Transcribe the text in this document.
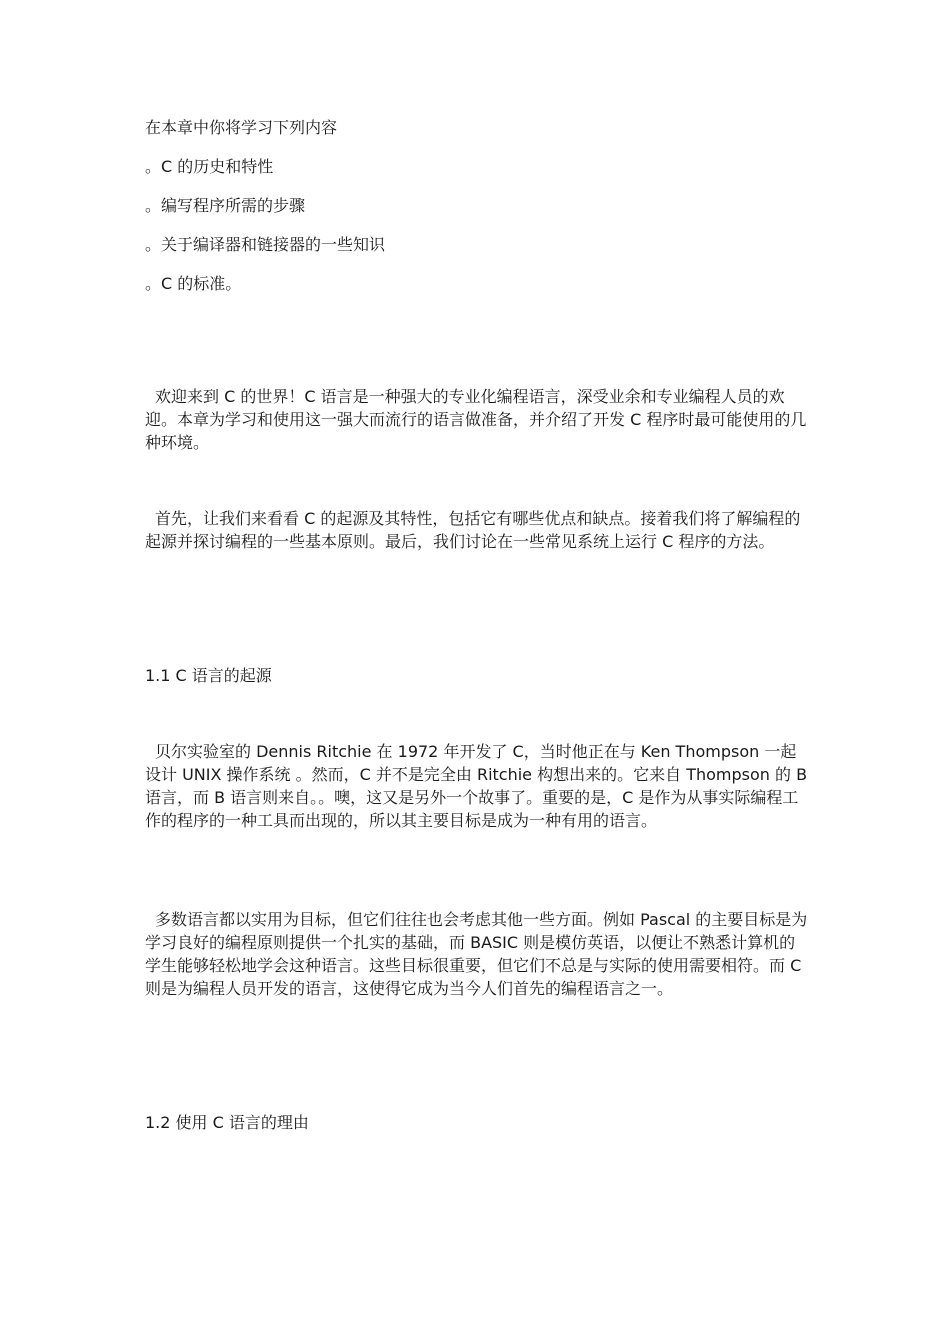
在本章中你将学习下列内容

。C 的历史和特性

。编写程序所需的步骤

。关于编译器和链接器的一些知识

。C 的标准。

欢迎来到 C 的世界！C 语言是一种强大的专业化编程语言，深受业余和专业编程人员的欢迎。本章为学习和使用这一强大而流行的语言做准备，并介绍了开发 C 程序时最可能使用的几种环境。

首先，让我们来看看 C 的起源及其特性，包括它有哪些优点和缺点。接着我们将了解编程的起源并探讨编程的一些基本原则。最后，我们讨论在一些常见系统上运行 C 程序的方法。

1.1 C 语言的起源

贝尔实验室的 Dennis Ritchie 在 1972 年开发了 C，当时他正在与 Ken Thompson 一起设计 UNIX 操作系统 。然而，C 并不是完全由 Ritchie 构想出来的。它来自 Thompson 的 B 语言，而 B 语言则来自。。噢，这又是另外一个故事了。重要的是，C 是作为从事实际编程工作的程序的一种工具而出现的，所以其主要目标是成为一种有用的语言。

多数语言都以实用为目标，但它们往往也会考虑其他一些方面。例如 Pascal 的主要目标是为学习良好的编程原则提供一个扎实的基础，而 BASIC 则是模仿英语，以便让不熟悉计算机的学生能够轻松地学会这种语言。这些目标很重要，但它们不总是与实际的使用需要相符。而 C 则是为编程人员开发的语言，这使得它成为当今人们首先的编程语言之一。

1.2 使用 C 语言的理由
